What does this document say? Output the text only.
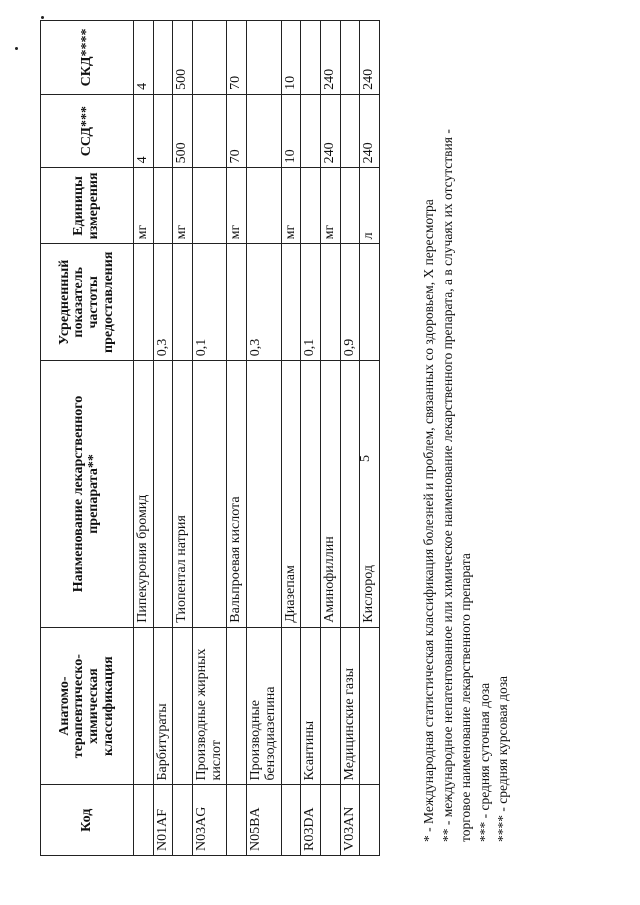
Код	Анатомо-терапевтическо-химическая классификация	Наименование лекарственного препарата**	Усредненный показатель частоты предоставления	Единицы измерения	ССД***	СКД****
		Пипекурония бромид		мг	4	4
N01AF	Барбитураты		0,3			
		Тиопентал натрия		мг	500	500
N03AG	Производные жирных кислот		0,1			
		Вальпроевая кислота		мг	70	70
N05BA	Производные бензодиазепина		0,3			
		Диазепам		мг	10	10
R03DA	Ксантины		0,1			
		Аминофиллин		мг	240	240
V03AN	Медицинские газы		0,9			
		Кислород		л	240	240
5	* - Международная статистическая классификация болезней и проблем, связанных со здоровьем, X пересмотра ** - международное непатентованное или химическое наименование лекарственного препарата, а в случаях их отсутствия - торговое наименование лекарственного препарата *** - средняя суточная доза **** - средняя курсовая доза
